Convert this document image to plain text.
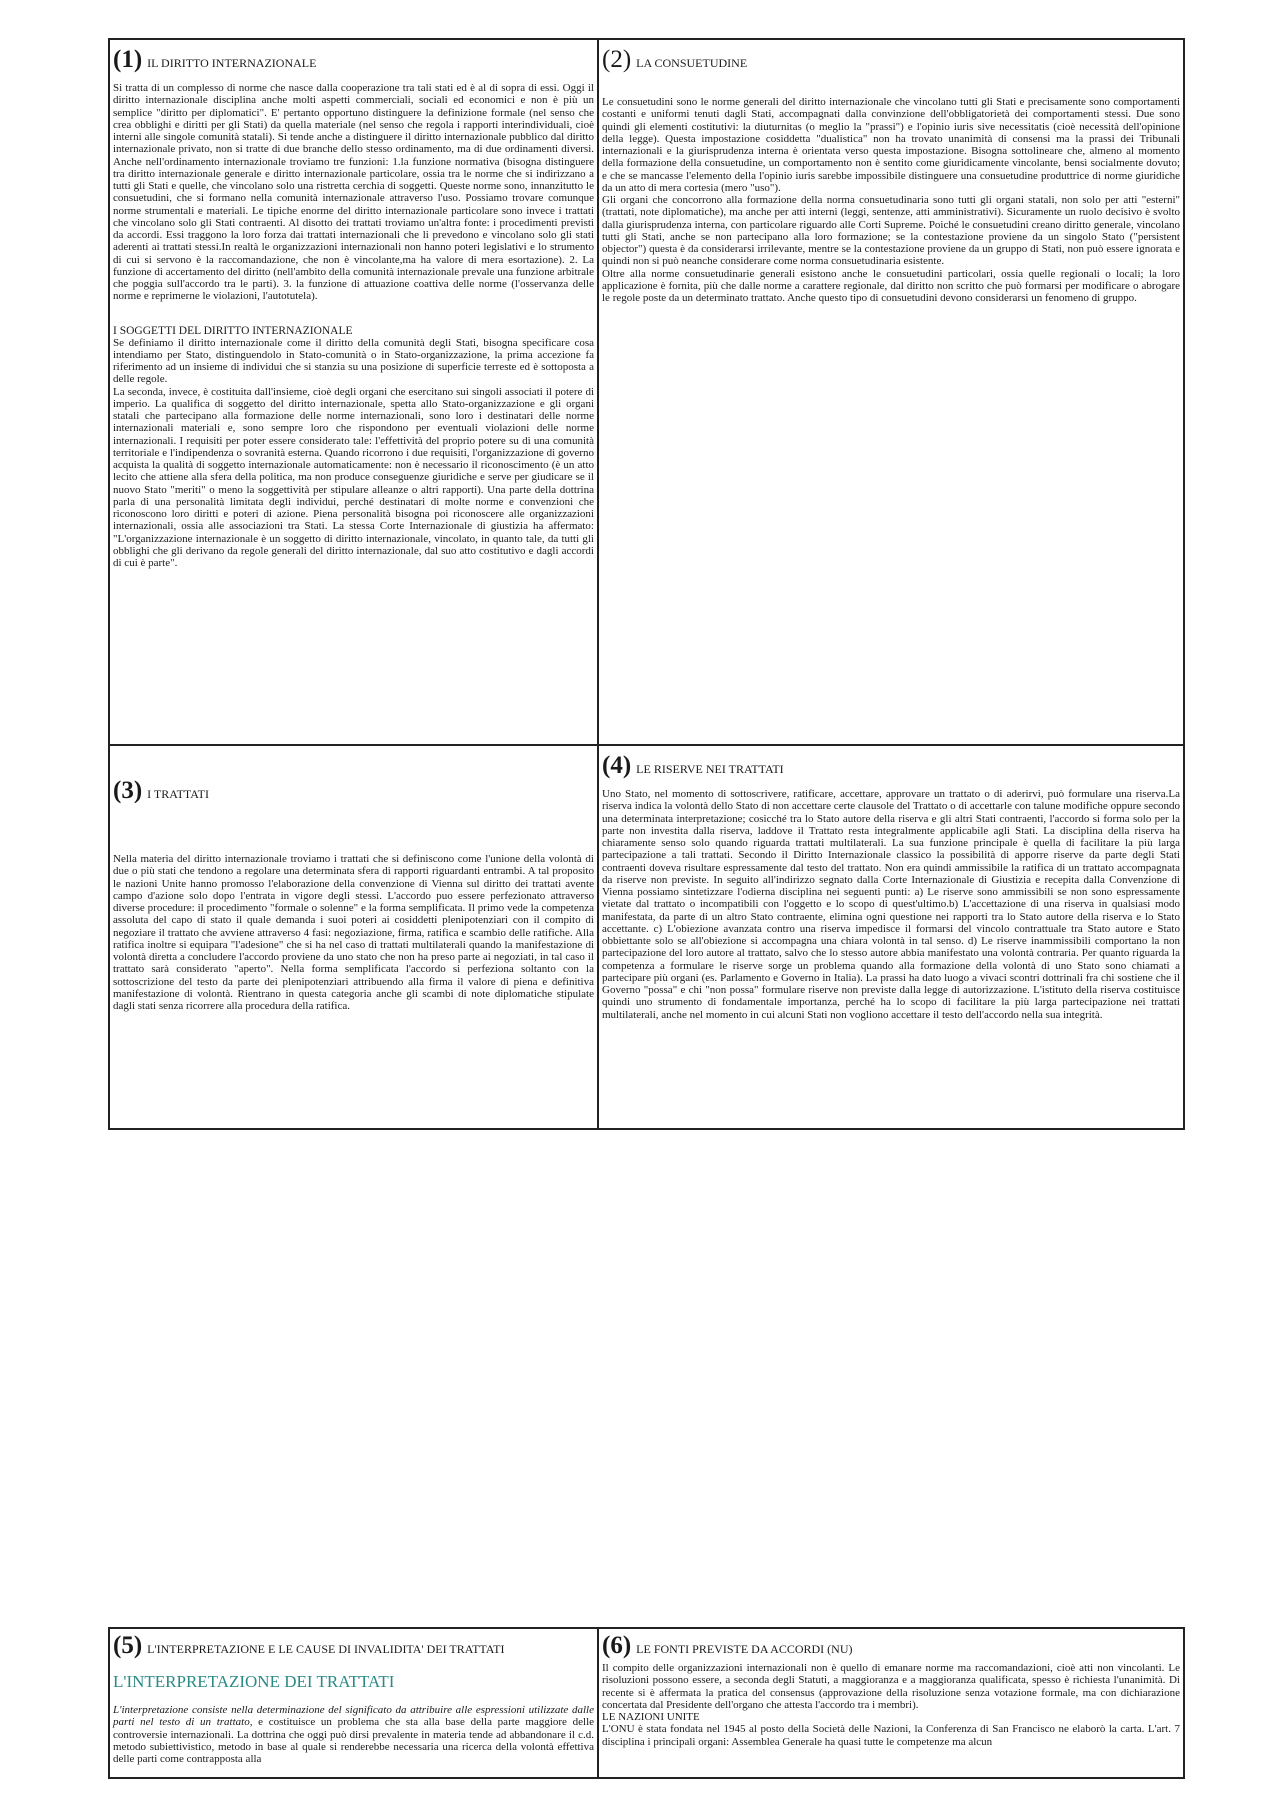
(1) IL DIRITTO INTERNAZIONALE

Si tratta di un complesso di norme che nasce dalla cooperazione tra tali stati ed è al di sopra di essi. Oggi il diritto internazionale disciplina anche molti aspetti commerciali, sociali ed economici e non è più un semplice "diritto per diplomatici". E' pertanto opportuno distinguere la definizione formale (nel senso che crea obblighi e diritti per gli Stati) da quella materiale (nel senso che regola i rapporti interindividuali, cioè interni alle singole comunità statali). Si tende anche a distinguere il diritto internazionale pubblico dal diritto internazionale privato, non si tratte di due branche dello stesso ordinamento, ma di due ordinamenti diversi. Anche nell'ordinamento internazionale troviamo tre funzioni: 1.la funzione normativa (bisogna distinguere tra diritto internazionale generale e diritto internazionale particolare, ossia tra le norme che si indirizzano a tutti gli Stati e quelle, che vincolano solo una ristretta cerchia di soggetti. Queste norme sono, innanzitutto le consuetudini, che si formano nella comunità internazionale attraverso l'uso. Possiamo trovare comunque norme strumentali e materiali. Le tipiche enorme del diritto internazionale particolare sono invece i trattati che vincolano solo gli Stati contraenti. Al disotto dei trattati troviamo un'altra fonte: i procedimenti previsti da accordi. Essi traggono la loro forza dai trattati internazionali che li prevedono e vincolano solo gli stati aderenti ai trattati stessi.In realtà le organizzazioni internazionali non hanno poteri legislativi e lo strumento di cui si servono è la raccomandazione, che non è vincolante,ma ha valore di mera esortazione). 2. La funzione di accertamento del diritto (nell'ambito della comunità internazionale prevale una funzione arbitrale che poggia sull'accordo tra le parti). 3. la funzione di attuazione coattiva delle norme (l'osservanza delle norme e reprimerne le violazioni, l'autotutela).

I SOGGETTI DEL DIRITTO INTERNAZIONALE

Se definiamo il diritto internazionale come il diritto della comunità degli Stati, bisogna specificare cosa intendiamo per Stato, distinguendolo in Stato-comunità o in Stato-organizzazione, la prima accezione fa riferimento ad un insieme di individui che si stanzia su una posizione di superficie terreste ed è sottoposta a delle regole.

La seconda, invece, è costituita dall'insieme, cioè degli organi che esercitano sui singoli associati il potere di imperio. La qualifica di soggetto del diritto internazionale, spetta allo Stato-organizzazione e gli organi statali che partecipano alla formazione delle norme internazionali, sono loro i destinatari delle norme internazionali materiali e, sono sempre loro che rispondono per eventuali violazioni delle norme internazionali. I requisiti per poter essere considerato tale: l'effettività del proprio potere su di una comunità territoriale e l'indipendenza o sovranità esterna. Quando ricorrono i due requisiti, l'organizzazione di governo acquista la qualità di soggetto internazionale automaticamente: non è necessario il riconoscimento (è un atto lecito che attiene alla sfera della politica, ma non produce conseguenze giuridiche e serve per giudicare se il nuovo Stato "meriti" o meno la soggettività per stipulare alleanze o altri rapporti). Una parte della dottrina parla di una personalità limitata degli individui, perché destinatari di molte norme e convenzioni che riconoscono loro diritti e poteri di azione. Piena personalità bisogna poi riconoscere alle organizzazioni internazionali, ossia alle associazioni tra Stati. La stessa Corte Internazionale di giustizia ha affermato: "L'organizzazione internazionale è un soggetto di diritto internazionale, vincolato, in quanto tale, da tutti gli obblighi che gli derivano da regole generali del diritto internazionale, dal suo atto costitutivo e dagli accordi di cui è parte".

(2) LA CONSUETUDINE

Le consuetudini sono le norme generali del diritto internazionale che vincolano tutti gli Stati e precisamente sono comportamenti costanti e uniformi tenuti dagli Stati, accompagnati dalla convinzione dell'obbligatorietà dei comportamenti stessi. Due sono quindi gli elementi costitutivi: la diuturnitas (o meglio la "prassi") e l'opinio iuris sive necessitatis (cioè necessità dell'opinione della legge). Questa impostazione cosiddetta "dualistica" non ha trovato unanimità di consensi ma la prassi dei Tribunali internazionali e la giurisprudenza interna è orientata verso questa impostazione. Bisogna sottolineare che, almeno al momento della formazione della consuetudine, un comportamento non è sentito come giuridicamente vincolante, bensì socialmente dovuto; e che se mancasse l'elemento della l'opinio iuris sarebbe impossibile distinguere una consuetudine produttrice di norme giuridiche da un atto di mera cortesia (mero "uso").

Gli organi che concorrono alla formazione della norma consuetudinaria sono tutti gli organi statali, non solo per atti "esterni" (trattati, note diplomatiche), ma anche per atti interni (leggi, sentenze, atti amministrativi). Sicuramente un ruolo decisivo è svolto dalla giurisprudenza interna, con particolare riguardo alle Corti Supreme. Poiché le consuetudini creano diritto generale, vincolano tutti gli Stati, anche se non partecipano alla loro formazione; se la contestazione proviene da un singolo Stato ("persistent objector") questa è da considerarsi irrilevante, mentre se la contestazione proviene da un gruppo di Stati, non può essere ignorata e quindi non si può neanche considerare come norma consuetudinaria esistente.

Oltre alla norme consuetudinarie generali esistono anche le consuetudini particolari, ossia quelle regionali o locali; la loro applicazione è fornita, più che dalle norme a carattere regionale, dal diritto non scritto che può formarsi per modificare o abrogare le regole poste da un determinato trattato. Anche questo tipo di consuetudini devono considerarsi un fenomeno di gruppo.

(3) I TRATTATI

Nella materia del diritto internazionale troviamo i trattati che si definiscono come l'unione della volontà di due o più stati che tendono a regolare una determinata sfera di rapporti riguardanti entrambi. A tal proposito le nazioni Unite hanno promosso l'elaborazione della convenzione di Vienna sul diritto dei trattati avente campo d'azione solo dopo l'entrata in vigore degli stessi. L'accordo puo essere perfezionato attraverso diverse procedure: il procedimento "formale o solenne" e la forma semplificata. Il primo vede la competenza assoluta del capo di stato il quale demanda i suoi poteri ai cosiddetti plenipotenziari con il compito di negoziare il trattato che avviene attraverso 4 fasi: negoziazione, firma, ratifica e scambio delle ratifiche. Alla ratifica inoltre si equipara "l'adesione" che si ha nel caso di trattati multilaterali quando la manifestazione di volontà diretta a concludere l'accordo proviene da uno stato che non ha preso parte ai negoziati, in tal caso il trattato sarà considerato "aperto". Nella forma semplificata l'accordo si perfeziona soltanto con la sottoscrizione del testo da parte dei plenipotenziari attribuendo alla firma il valore di piena e definitiva manifestazione di volontà. Rientrano in questa categoria anche gli scambi di note diplomatiche stipulate dagli stati senza ricorrere alla procedura della ratifica.

(4) LE RISERVE NEI TRATTATI

Uno Stato, nel momento di sottoscrivere, ratificare, accettare, approvare un trattato o di aderirvi, può formulare una riserva.La riserva indica la volontà dello Stato di non accettare certe clausole del Trattato o di accettarle con talune modifiche oppure secondo una determinata interpretazione; cosicché tra lo Stato autore della riserva e gli altri Stati contraenti, l'accordo si forma solo per la parte non investita dalla riserva, laddove il Trattato resta integralmente applicabile agli Stati. La disciplina della riserva ha chiaramente senso solo quando riguarda trattati multilaterali. La sua funzione principale è quella di facilitare la più larga partecipazione a tali trattati. Secondo il Diritto Internazionale classico la possibilità di apporre riserve da parte degli Stati contraenti doveva risultare espressamente dal testo del trattato. Non era quindi ammissibile la ratifica di un trattato accompagnata da riserve non previste. In seguito all'indirizzo segnato dalla Corte Internazionale di Giustizia e recepita dalla Convenzione di Vienna possiamo sintetizzare l'odierna disciplina nei seguenti punti: a) Le riserve sono ammissibili se non sono espressamente vietate dal trattato o incompatibili con l'oggetto e lo scopo di quest'ultimo.b) L'accettazione di una riserva in qualsiasi modo manifestata, da parte di un altro Stato contraente, elimina ogni questione nei rapporti tra lo Stato autore della riserva e lo Stato accettante. c) L'obiezione avanzata contro una riserva impedisce il formarsi del vincolo contrattuale tra Stato autore e Stato obbiettante solo se all'obiezione si accompagna una chiara volontà in tal senso. d) Le riserve inammissibili comportano la non partecipazione del loro autore al trattato, salvo che lo stesso autore abbia manifestato una volontà contraria. Per quanto riguarda la competenza a formulare le riserve sorge un problema quando alla formazione della volontà di uno Stato sono chiamati a partecipare più organi (es. Parlamento e Governo in Italia). La prassi ha dato luogo a vivaci scontri dottrinali fra chi sostiene che il Governo "possa" e chi "non possa" formulare riserve non previste dalla legge di autorizzazione. L'istituto della riserva costituisce quindi uno strumento di fondamentale importanza, perché ha lo scopo di facilitare la più larga partecipazione nei trattati multilaterali, anche nel momento in cui alcuni Stati non vogliono accettare il testo dell'accordo nella sua integrità.

(5) L'INTERPRETAZIONE E LE CAUSE DI INVALIDITA' DEI TRATTATI
L'INTERPRETAZIONE DEI TRATTATI

L'interpretazione consiste nella determinazione del significato da attribuire alle espressioni utilizzate dalle parti nel testo di un trattato, e costituisce un problema che sta alla base della parte maggiore delle controversie internazionali. La dottrina che oggi può dirsi prevalente in materia tende ad abbandonare il c.d. metodo subiettivistico, metodo in base al quale si renderebbe necessaria una ricerca della volontà effettiva delle parti come contrapposta alla

(6) LE FONTI PREVISTE DA ACCORDI (NU)

Il compito delle organizzazioni internazionali non è quello di emanare norme ma raccomandazioni, cioè atti non vincolanti. Le risoluzioni possono essere, a seconda degli Statuti, a maggioranza e a maggioranza qualificata, spesso è richiesta l'unanimità. Di recente si è affermata la pratica del consensus (approvazione della risoluzione senza votazione formale, ma con dichiarazione concertata dal Presidente dell'organo che attesta l'accordo tra i membri).

LE NAZIONI UNITE

L'ONU è stata fondata nel 1945 al posto della Società delle Nazioni, la Conferenza di San Francisco ne elaborò la carta. L'art. 7 disciplina i principali organi: Assemblea Generale ha quasi tutte le competenze ma alcun
